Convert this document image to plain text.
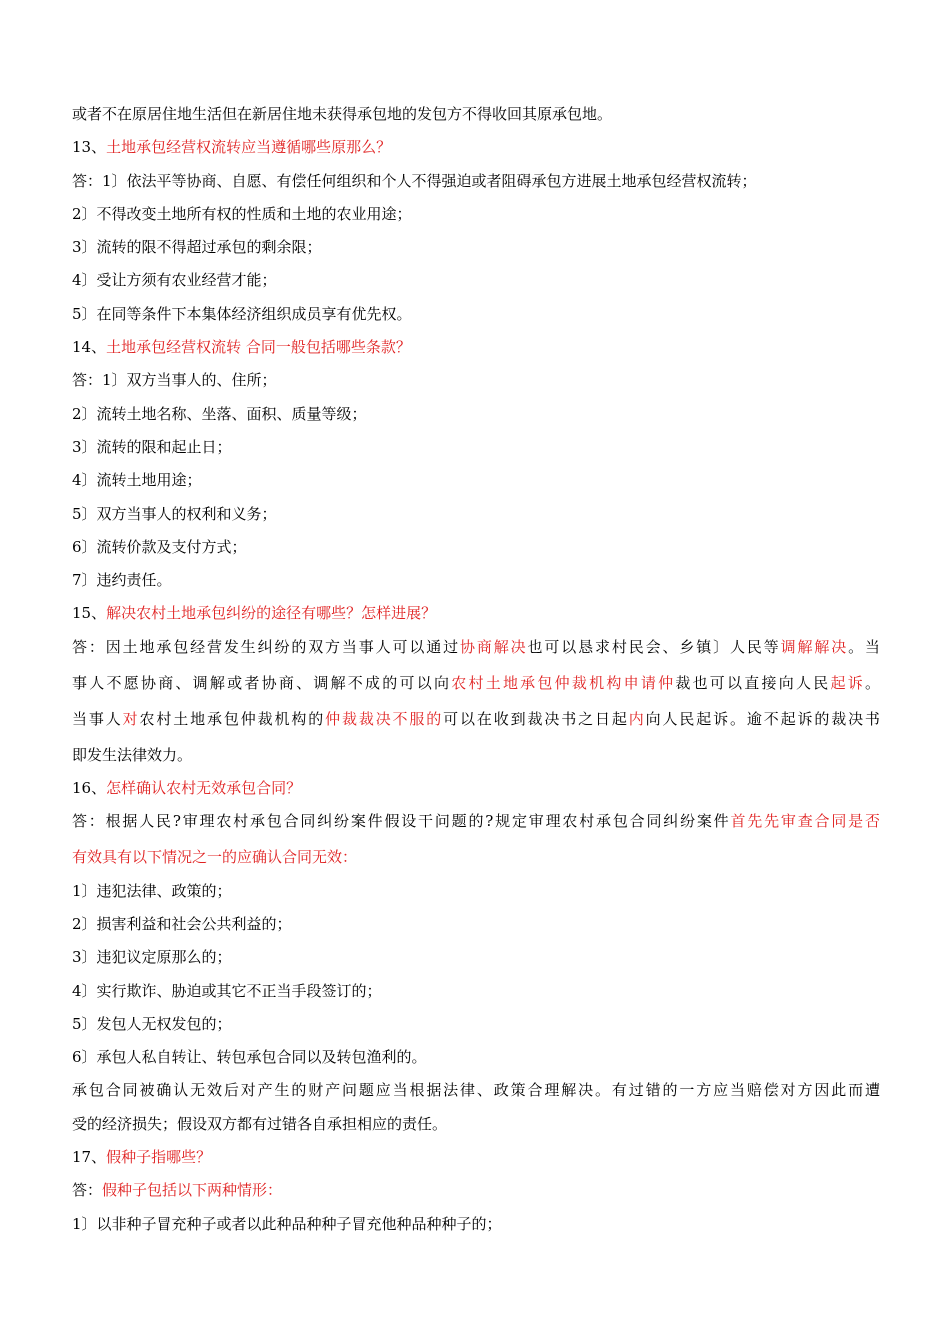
或者不在原居住地生活但在新居住地未获得承包地的发包方不得收回其原承包地。
13、土地承包经营权流转应当遵循哪些原那么？
答：1〕依法平等协商、自愿、有偿任何组织和个人不得强迫或者阻碍承包方进展土地承包经营权流转；
2〕不得改变土地所有权的性质和土地的农业用途；
3〕流转的限不得超过承包的剩余限；
4〕受让方须有农业经营才能；
5〕在同等条件下本集体经济组织成员享有优先权。
14、土地承包经营权流转 合同一般包括哪些条款？
答：1〕双方当事人的、住所；
2〕流转土地名称、坐落、面积、质量等级；
3〕流转的限和起止日；
4〕流转土地用途；
5〕双方当事人的权利和义务；
6〕流转价款及支付方式；
7〕违约责任。
15、解决农村土地承包纠纷的途径有哪些？怎样进展？
答：因土地承包经营发生纠纷的双方当事人可以通过协商解决也可以恳求村民会、乡镇〕人民等调解解决。当
事人不愿协商、调解或者协商、调解不成的可以向农村土地承包仲裁机构申请仲裁也可以直接向人民起诉。
当事人对农村土地承包仲裁机构的仲裁裁决不服的可以在收到裁决书之日起内向人民起诉。逾不起诉的裁决书
即发生法律效力。
16、怎样确认农村无效承包合同？
答：根据人民?审理农村承包合同纠纷案件假设干问题的?规定审理农村承包合同纠纷案件首先先审查合同是否
有效具有以下情况之一的应确认合同无效：
1〕违犯法律、政策的；
2〕损害利益和社会公共利益的；
3〕违犯议定原那么的；
4〕实行欺诈、胁迫或其它不正当手段签订的；
5〕发包人无权发包的；
6〕承包人私自转让、转包承包合同以及转包渔利的。
承包合同被确认无效后对产生的财产问题应当根据法律、政策合理解决。有过错的一方应当赔偿对方因此而遭
受的经济损失；假设双方都有过错各自承担相应的责任。
17、假种子指哪些？
答：假种子包括以下两种情形：
1〕以非种子冒充种子或者以此种品种种子冒充他种品种种子的；
